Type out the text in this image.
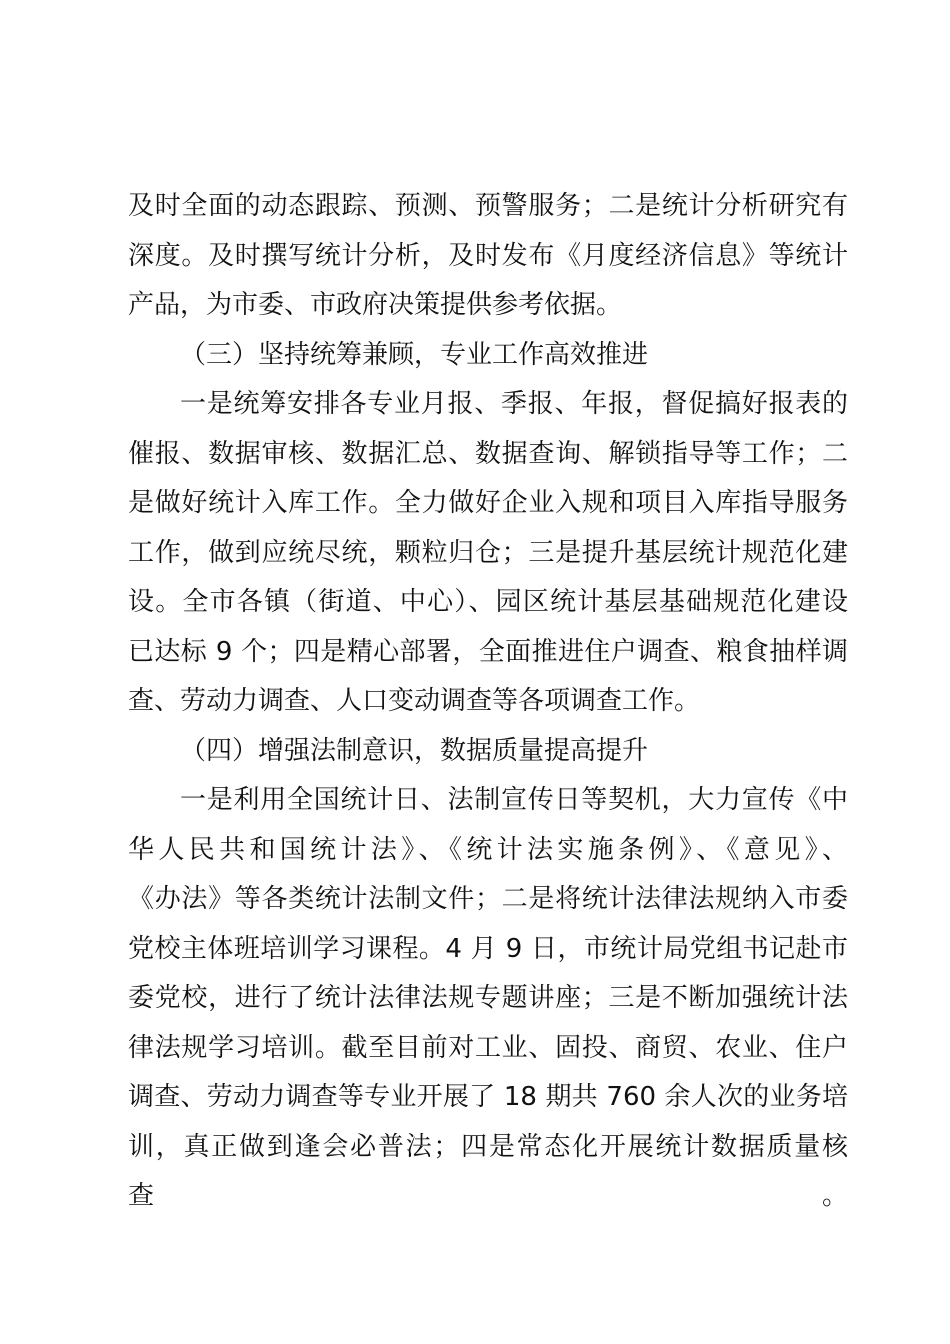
及时全面的动态跟踪、预测、预警服务；二是统计分析研究有
深度。及时撰写统计分析，及时发布《月度经济信息》等统计
产品，为市委、市政府决策提供参考依据。
（三）坚持统筹兼顾，专业工作高效推进
一是统筹安排各专业月报、季报、年报，督促搞好报表的
催报、数据审核、数据汇总、数据查询、解锁指导等工作；二
是做好统计入库工作。全力做好企业入规和项目入库指导服务
工作，做到应统尽统，颗粒归仓；三是提升基层统计规范化建
设。全市各镇（街道、中心）、园区统计基层基础规范化建设
已达标 9 个；四是精心部署，全面推进住户调查、粮食抽样调
查、劳动力调查、人口变动调查等各项调查工作。
（四）增强法制意识，数据质量提高提升
一是利用全国统计日、法制宣传日等契机，大力宣传《中
华人民共和国统计法》、《统计法实施条例》、《意见》、
《办法》等各类统计法制文件；二是将统计法律法规纳入市委
党校主体班培训学习课程。4 月 9 日，市统计局党组书记赴市
委党校，进行了统计法律法规专题讲座；三是不断加强统计法
律法规学习培训。截至目前对工业、固投、商贸、农业、住户
调查、劳动力调查等专业开展了 18 期共 760 余人次的业务培
训，真正做到逢会必普法；四是常态化开展统计数据质量核查。
